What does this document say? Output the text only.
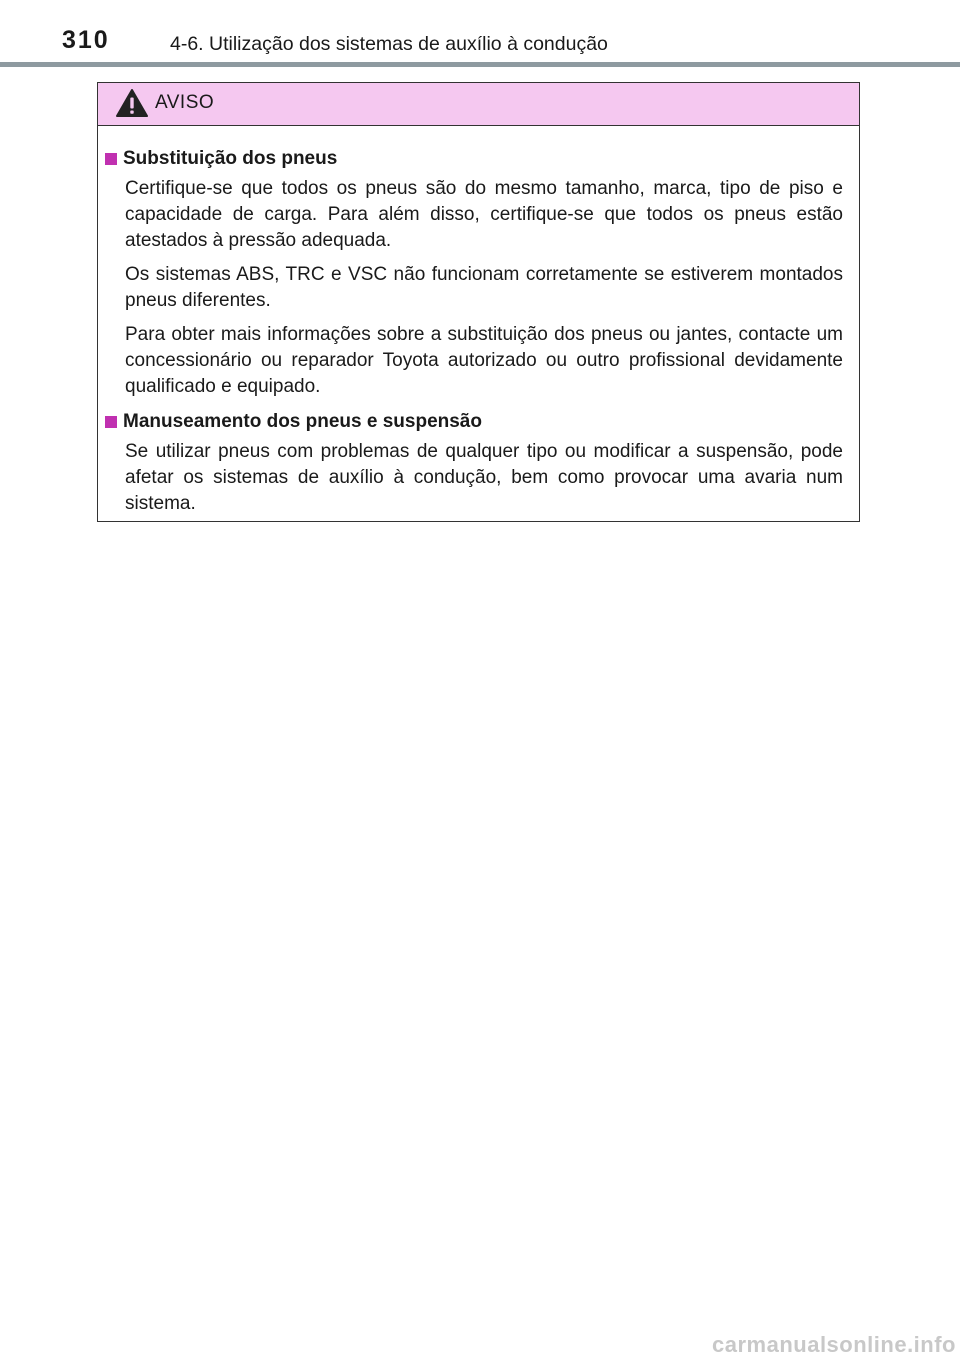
310	4-6. Utilização dos sistemas de auxílio à condução
AVISO

Substituição dos pneus

Certifique-se que todos os pneus são do mesmo tamanho, marca, tipo de piso e capacidade de carga. Para além disso, certifique-se que todos os pneus estão atestados à pressão adequada.

Os sistemas ABS, TRC e VSC não funcionam corretamente se estiverem montados pneus diferentes.

Para obter mais informações sobre a substituição dos pneus ou jantes, contacte um concessionário ou reparador Toyota autorizado ou outro profissional devidamente qualificado e equipado.

Manuseamento dos pneus e suspensão

Se utilizar pneus com problemas de qualquer tipo ou modificar a suspensão, pode afetar os sistemas de auxílio à condução, bem como provocar uma avaria num sistema.

carmanualsonline.info
